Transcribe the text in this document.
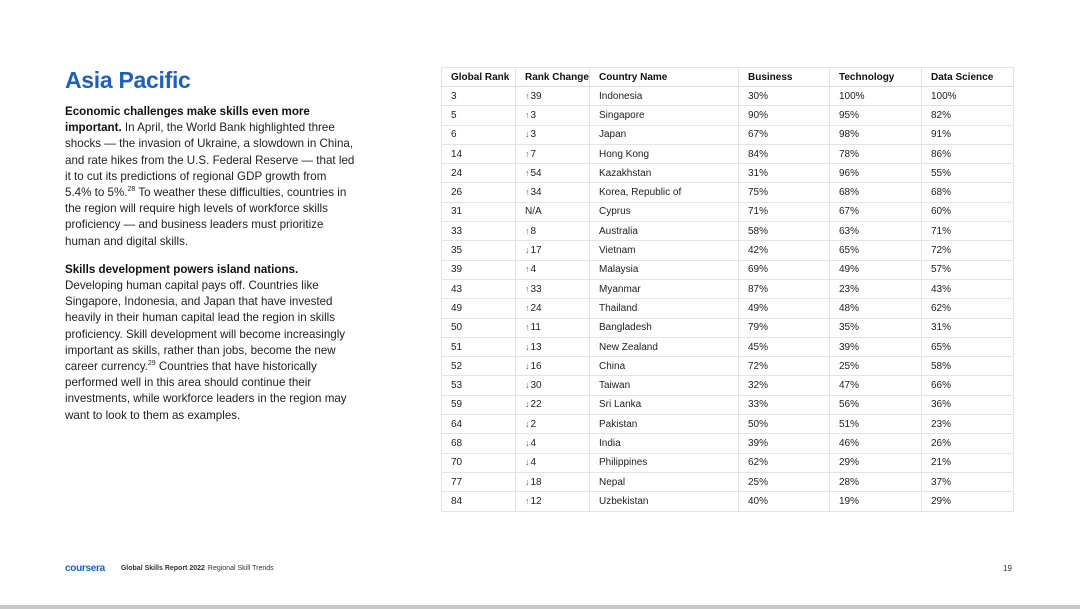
Asia Pacific

Economic challenges make skills even more important. In April, the World Bank highlighted three shocks — the invasion of Ukraine, a slowdown in China, and rate hikes from the U.S. Federal Reserve — that led it to cut its predictions of regional GDP growth from 5.4% to 5%.$^{28}$ To weather these difficulties, countries in the region will require high levels of workforce skills proficiency — and business leaders must prioritize human and digital skills.

Skills development powers island nations. Developing human capital pays off. Countries like Singapore, Indonesia, and Japan that have invested heavily in their human capital lead the region in skills proficiency. Skill development will become increasingly important as skills, rather than jobs, become the new career currency.$^{29}$ Countries that have historically performed well in this area should continue their investments, while workforce leaders in the region may want to look to them as examples.

Global Rank	Rank Change	Country Name	Business	Technology	Data Science
3	↑39	Indonesia	30%	100%	100%
5	↑3	Singapore	90%	95%	82%
6	↓3	Japan	67%	98%	91%
14	↑7	Hong Kong	84%	78%	86%
24	↑54	Kazakhstan	31%	96%	55%
26	↑34	Korea, Republic of	75%	68%	68%
31	N/A	Cyprus	71%	67%	60%
33	↑8	Australia	58%	63%	71%
35	↓17	Vietnam	42%	65%	72%
39	↑4	Malaysia	69%	49%	57%
43	↑33	Myanmar	87%	23%	43%
49	↑24	Thailand	49%	48%	62%
50	↑11	Bangladesh	79%	35%	31%
51	↓13	New Zealand	45%	39%	65%
52	↓16	China	72%	25%	58%
53	↓30	Taiwan	32%	47%	66%
59	↓22	Sri Lanka	33%	56%	36%
64	↓2	Pakistan	50%	51%	23%
68	↓4	India	39%	46%	26%
70	↓4	Philippines	62%	29%	21%
77	↓18	Nepal	25%	28%	37%
84	↑12	Uzbekistan	40%	19%	29%
coursera Global Skills Report 2022 Regional Skill Trends	19
